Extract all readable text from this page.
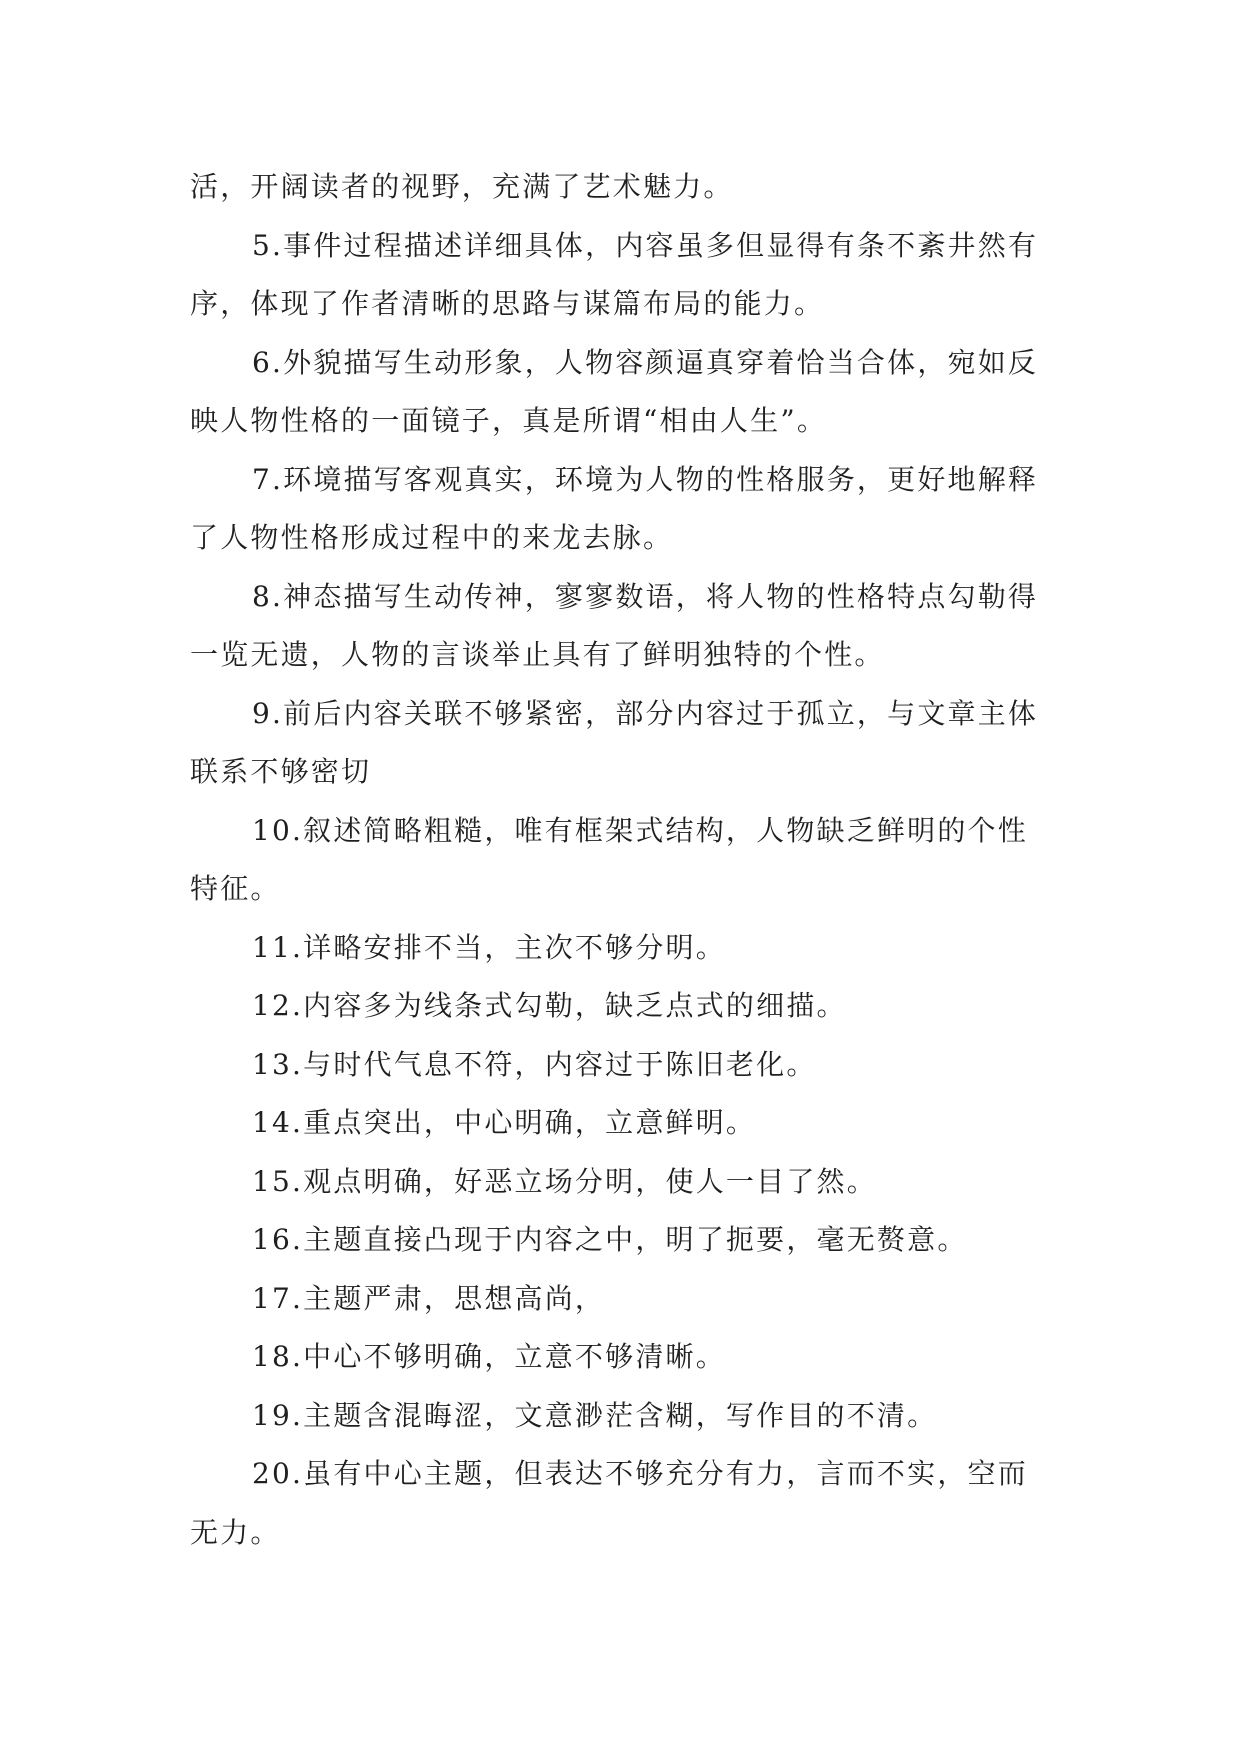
活，开阔读者的视野，充满了艺术魅力。

5.事件过程描述详细具体，内容虽多但显得有条不紊井然有序，体现了作者清晰的思路与谋篇布局的能力。

6.外貌描写生动形象，人物容颜逼真穿着恰当合体，宛如反映人物性格的一面镜子，真是所谓“相由人生”。

7.环境描写客观真实，环境为人物的性格服务，更好地解释了人物性格形成过程中的来龙去脉。

8.神态描写生动传神，寥寥数语，将人物的性格特点勾勒得一览无遗，人物的言谈举止具有了鲜明独特的个性。

9.前后内容关联不够紧密，部分内容过于孤立，与文章主体联系不够密切

10.叙述简略粗糙，唯有框架式结构，人物缺乏鲜明的个性特征。

11.详略安排不当，主次不够分明。

12.内容多为线条式勾勒，缺乏点式的细描。

13.与时代气息不符，内容过于陈旧老化。

14.重点突出，中心明确，立意鲜明。

15.观点明确，好恶立场分明，使人一目了然。

16.主题直接凸现于内容之中，明了扼要，毫无赘意。

17.主题严肃，思想高尚，

18.中心不够明确，立意不够清晰。

19.主题含混晦涩，文意渺茫含糊，写作目的不清。

20.虽有中心主题，但表达不够充分有力，言而不实，空而无力。
